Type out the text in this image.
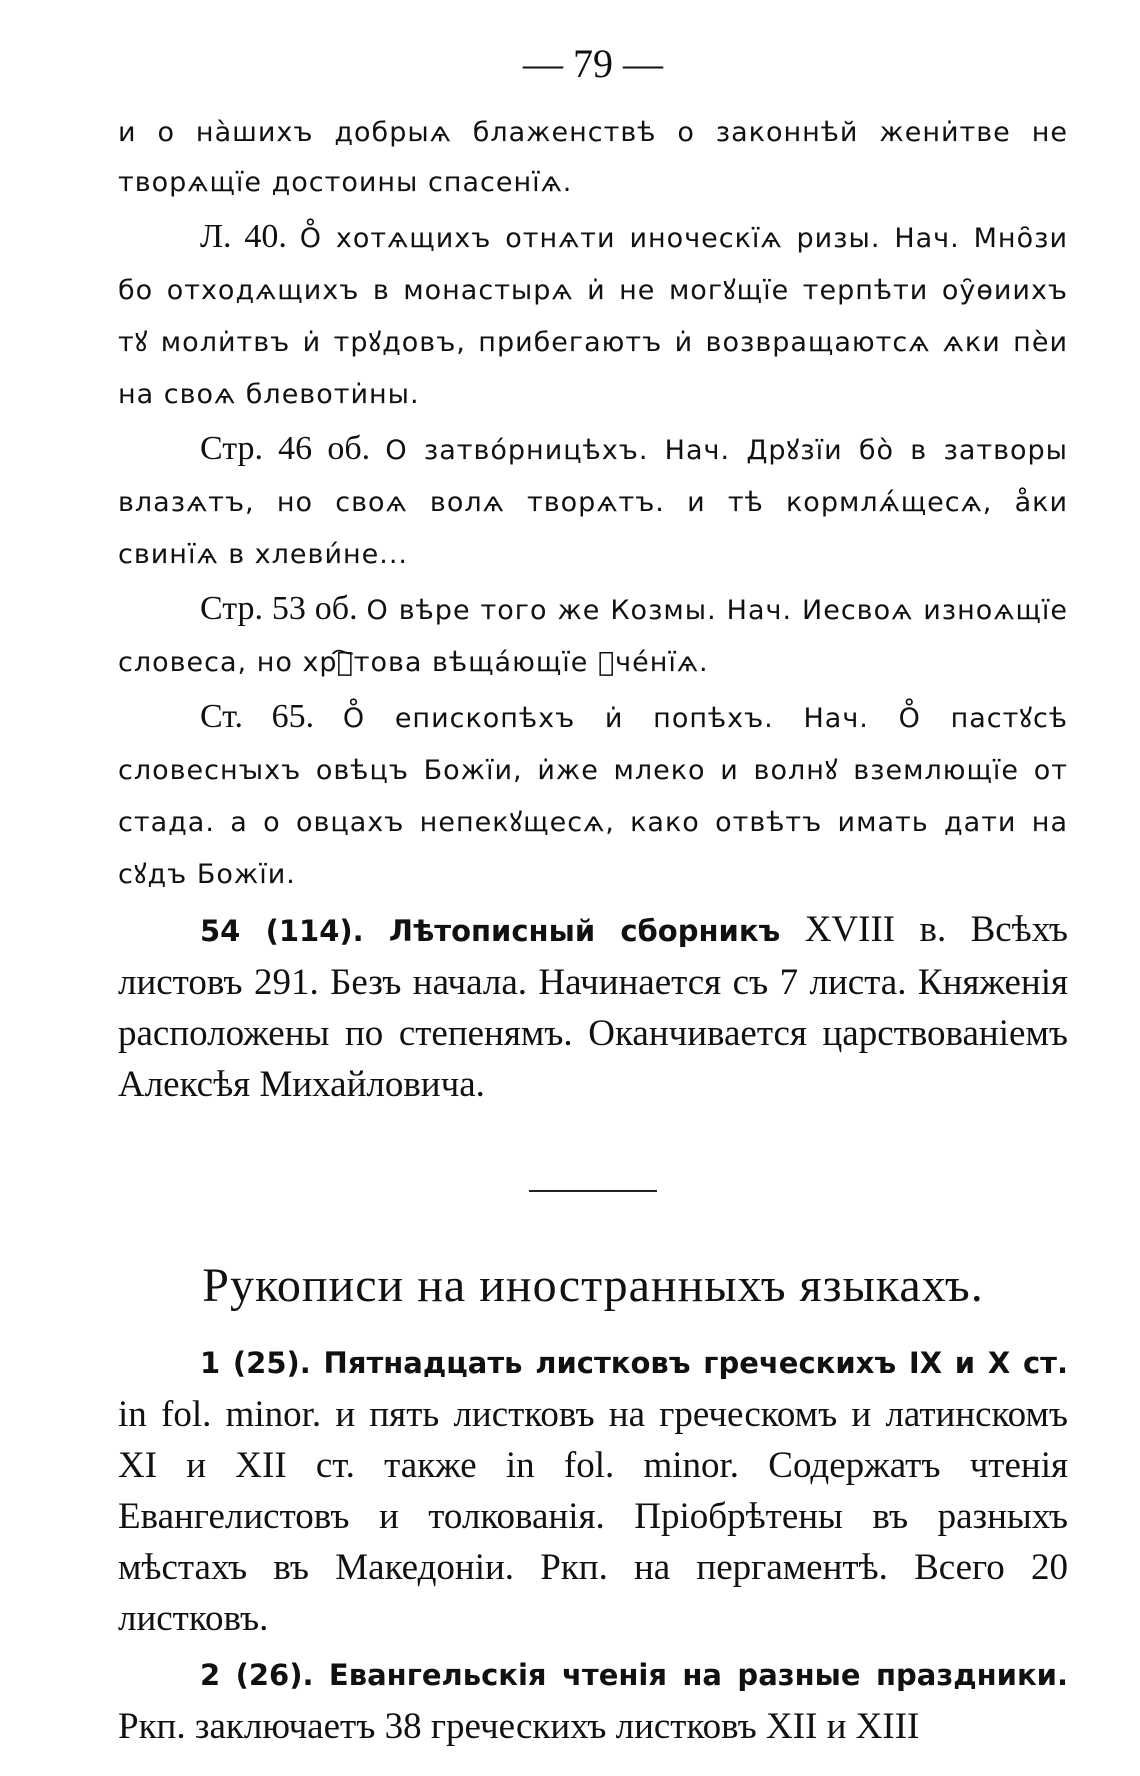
— 79 —

и о на̀шихъ добрыѧ блаженствѣ о законнѣй жени̇тве не творѧщїе достоины спасенїѧ.

Л. 40. О̊ хотѧщихъ отнѧти иноческїѧ ризы. Нач. Мно̑зи бо отходѧщихъ в монастырѧ и̇ не могꙋщїе терпѣти оу̑ѳиихъ тꙋ моли̇твъ и̇ трꙋдовъ, прибегаютъ и̇ возвращаютсѧ ѧки пѐи на своѧ блевоти̇ны.

Стр. 46 об. О затво́рницѣхъ. Нач. Дрꙋзїи бо̀ в затворы влазѧтъ, но своѧ волѧ творѧтъ. и тѣ кормлѧ́щесѧ, а̊ки свинїѧ в хлеви́не...

Стр. 53 об. О вѣре того же Козмы. Нач. Иесвоѧ изноѧщїе словеса, но хрⷭ҇това вѣща́ющїе ꙋче́нїѧ.

Ст. 65. О̊ епископѣхъ и̇ попѣхъ. Нач. О̊ пастꙋсѣ словеснꙑхъ овѣцъ Божїи, и̇же млеко и волнꙋ вземлющїе от стада. а о овцахъ непекꙋщесѧ, како отвѣтъ имать дати на сꙋдъ Божїи.

54 (114). Лѣтописный сборникъ XVIII в. Всѣхъ листовъ 291. Безъ начала. Начинается съ 7 листа. Княженія расположены по степенямъ. Оканчивается царствованіемъ Алексѣя Михайловича.

Рукописи на иностранныхъ языкахъ.

1 (25). Пятнадцать листковъ греческихъ IX и X ст. in fol. minor. и пять листковъ на греческомъ и латинскомъ XI и XII ст. также in fol. minor. Содержатъ чтенія Евангелистовъ и толкованія. Пріобрѣтены въ разныхъ мѣстахъ въ Македоніи. Ркп. на пергаментѣ. Всего 20 листковъ.

2 (26). Евангельскія чтенія на разные праздники. Ркп. заключаетъ 38 греческихъ листковъ XII и XIII
